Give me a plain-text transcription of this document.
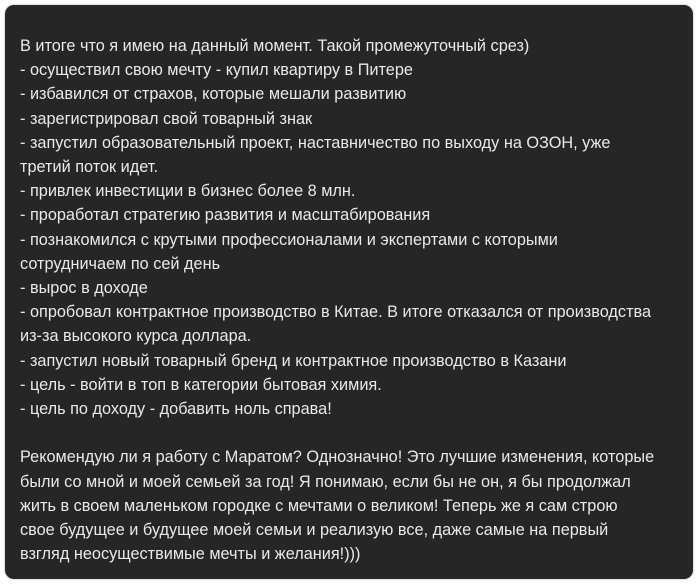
В итоге что я имею на данный момент. Такой промежуточный срез)
- осуществил свою мечту - купил квартиру в Питере
- избавился от страхов, которые мешали развитию
- зарегистрировал свой товарный знак
- запустил образовательный проект, наставничество по выходу на ОЗОН, уже
третий поток идет.
- привлек инвестиции в бизнес более 8 млн.
- проработал стратегию развития и масштабирования
- познакомился с крутыми профессионалами и экспертами с которыми
сотрудничаем по сей день
- вырос в доходе
- опробовал контрактное производство в Китае. В итоге отказался от производства
из-за высокого курса доллара.
- запустил новый товарный бренд и контрактное производство в Казани
- цель - войти в топ в категории бытовая химия.
- цель по доходу - добавить ноль справа!
Рекомендую ли я работу с Маратом? Однозначно! Это лучшие изменения, которые
были со мной и моей семьей за год! Я понимаю, если бы не он, я бы продолжал
жить в своем маленьком городке с мечтами о великом! Теперь же я сам строю
свое будущее и будущее моей семьи и реализую все, даже самые на первый
взгляд неосуществимые мечты и желания!)))
